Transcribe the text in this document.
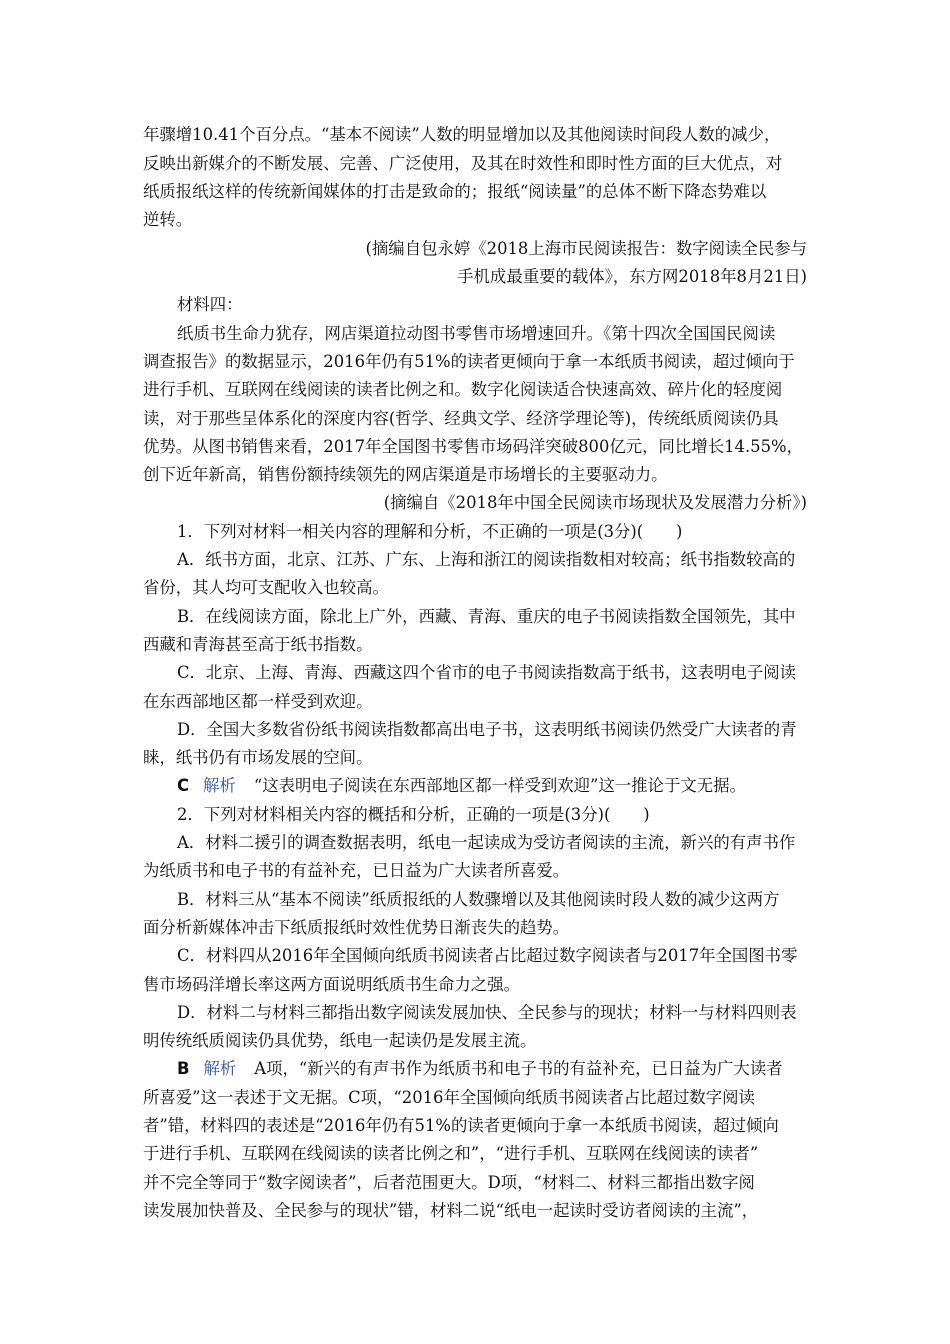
年骤增10.41个百分点。“基本不阅读”人数的明显增加以及其他阅读时间段人数的减少，
反映出新媒介的不断发展、完善、广泛使用，及其在时效性和即时性方面的巨大优点，对
纸质报纸这样的传统新闻媒体的打击是致命的；报纸“阅读量”的总体不断下降态势难以
逆转。
(摘编自包永婷《2018上海市民阅读报告：数字阅读全民参与
手机成最重要的载体》，东方网2018年8月21日)
材料四：
纸质书生命力犹存，网店渠道拉动图书零售市场增速回升。《第十四次全国国民阅读
调查报告》的数据显示，2016年仍有51%的读者更倾向于拿一本纸质书阅读，超过倾向于
进行手机、互联网在线阅读的读者比例之和。数字化阅读适合快速高效、碎片化的轻度阅
读，对于那些呈体系化的深度内容(哲学、经典文学、经济学理论等)，传统纸质阅读仍具
优势。从图书销售来看，2017年全国图书零售市场码洋突破800亿元，同比增长14.55%，
创下近年新高，销售份额持续领先的网店渠道是市场增长的主要驱动力。
(摘编自《2018年中国全民阅读市场现状及发展潜力分析》)
1．下列对材料一相关内容的理解和分析，不正确的一项是(3分)(　　)
A．纸书方面，北京、江苏、广东、上海和浙江的阅读指数相对较高；纸书指数较高的
省份，其人均可支配收入也较高。
B．在线阅读方面，除北上广外，西藏、青海、重庆的电子书阅读指数全国领先，其中
西藏和青海甚至高于纸书指数。
C．北京、上海、青海、西藏这四个省市的电子书阅读指数高于纸书，这表明电子阅读
在东西部地区都一样受到欢迎。
D．全国大多数省份纸书阅读指数都高出电子书，这表明纸书阅读仍然受广大读者的青
睐，纸书仍有市场发展的空间。
C 解析 “这表明电子阅读在东西部地区都一样受到欢迎”这一推论于文无据。
2．下列对材料相关内容的概括和分析，正确的一项是(3分)(　　)
A．材料二援引的调查数据表明，纸电一起读成为受访者阅读的主流，新兴的有声书作
为纸质书和电子书的有益补充，已日益为广大读者所喜爱。
B．材料三从“基本不阅读”纸质报纸的人数骤增以及其他阅读时段人数的减少这两方
面分析新媒体冲击下纸质报纸时效性优势日渐丧失的趋势。
C．材料四从2016年全国倾向纸质书阅读者占比超过数字阅读者与2017年全国图书零
售市场码洋增长率这两方面说明纸质书生命力之强。
D．材料二与材料三都指出数字阅读发展加快、全民参与的现状；材料一与材料四则表
明传统纸质阅读仍具优势，纸电一起读仍是发展主流。
B 解析 A项，“新兴的有声书作为纸质书和电子书的有益补充，已日益为广大读者
所喜爱”这一表述于文无据。C项，“2016年全国倾向纸质书阅读者占比超过数字阅读
者”错，材料四的表述是“2016年仍有51%的读者更倾向于拿一本纸质书阅读，超过倾向
于进行手机、互联网在线阅读的读者比例之和”，“进行手机、互联网在线阅读的读者”
并不完全等同于“数字阅读者”，后者范围更大。D项，“材料二、材料三都指出数字阅
读发展加快普及、全民参与的现状”错，材料二说“纸电一起读时受访者阅读的主流”，
